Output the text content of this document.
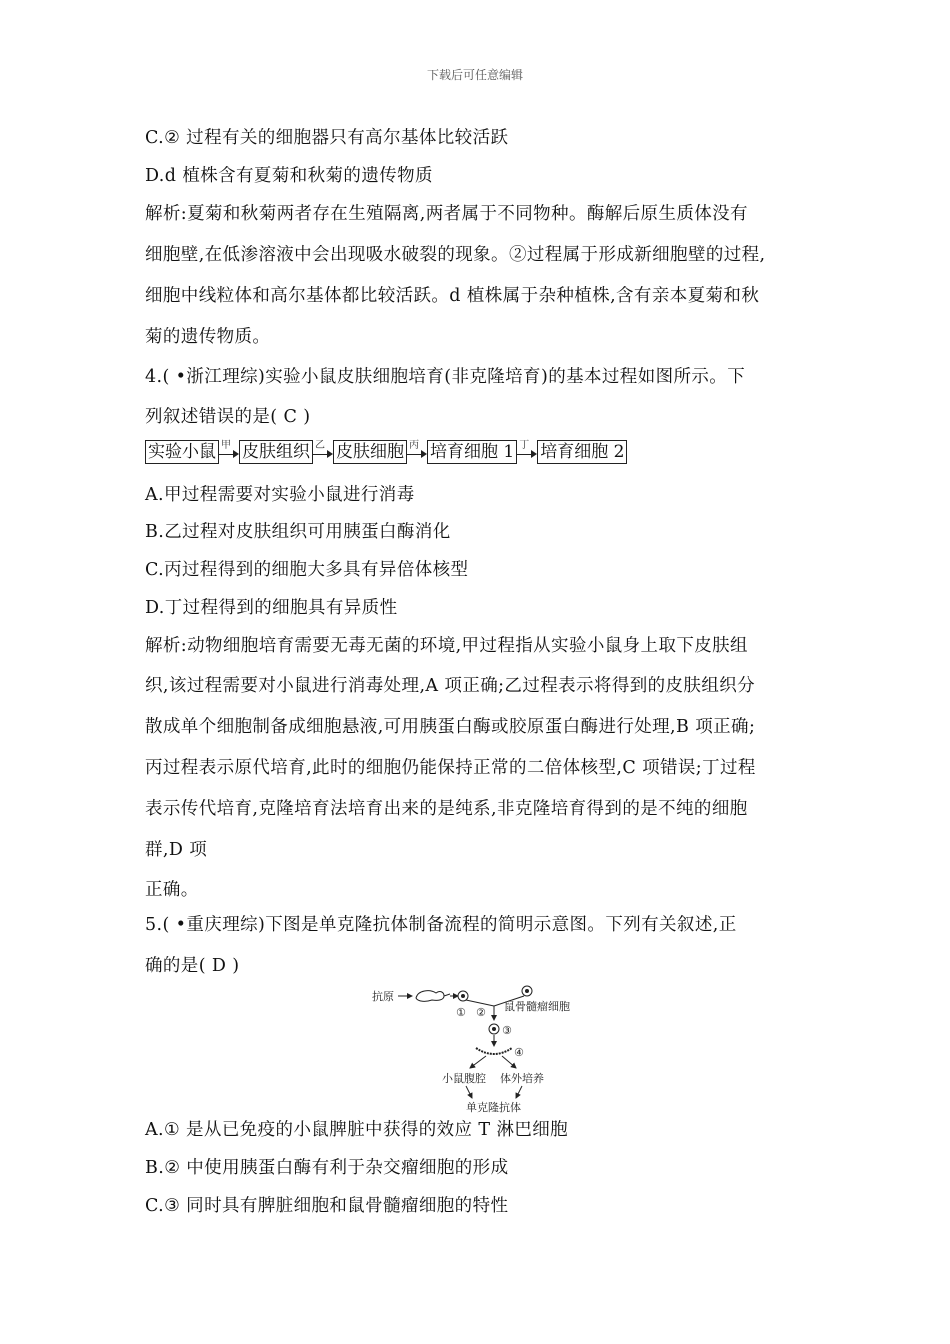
下载后可任意编辑
C.② 过程有关的细胞器只有高尔基体比较活跃
D.d 植株含有夏菊和秋菊的遗传物质
解析:夏菊和秋菊两者存在生殖隔离,两者属于不同物种。酶解后原生质体没有
细胞壁,在低渗溶液中会出现吸水破裂的现象。②过程属于形成新细胞壁的过程,
细胞中线粒体和高尔基体都比较活跃。d 植株属于杂种植株,含有亲本夏菊和秋
菊的遗传物质。
4.( •浙江理综)实验小鼠皮肤细胞培育(非克隆培育)的基本过程如图所示。下
列叙述错误的是( C )
实验小鼠 甲 皮肤组织 乙 皮肤细胞 丙 培育细胞 1 丁 培育细胞 2
A.甲过程需要对实验小鼠进行消毒
B.乙过程对皮肤组织可用胰蛋白酶消化
C.丙过程得到的细胞大多具有异倍体核型
D.丁过程得到的细胞具有异质性
解析:动物细胞培育需要无毒无菌的环境,甲过程指从实验小鼠身上取下皮肤组
织,该过程需要对小鼠进行消毒处理,A 项正确;乙过程表示将得到的皮肤组织分
散成单个细胞制备成细胞悬液,可用胰蛋白酶或胶原蛋白酶进行处理,B 项正确;
丙过程表示原代培育,此时的细胞仍能保持正常的二倍体核型,C 项错误;丁过程
表示传代培育,克隆培育法培育出来的是纯系,非克隆培育得到的是不纯的细胞
群,D 项
正确。
5.( •重庆理综)下图是单克隆抗体制备流程的简明示意图。下列有关叙述,正
确的是( D )
抗原
①	鼠骨髓瘤细胞
②
③
④
小鼠腹腔 体外培养
单克隆抗体
A.① 是从已免疫的小鼠脾脏中获得的效应 T 淋巴细胞
B.② 中使用胰蛋白酶有利于杂交瘤细胞的形成
C.③ 同时具有脾脏细胞和鼠骨髓瘤细胞的特性
